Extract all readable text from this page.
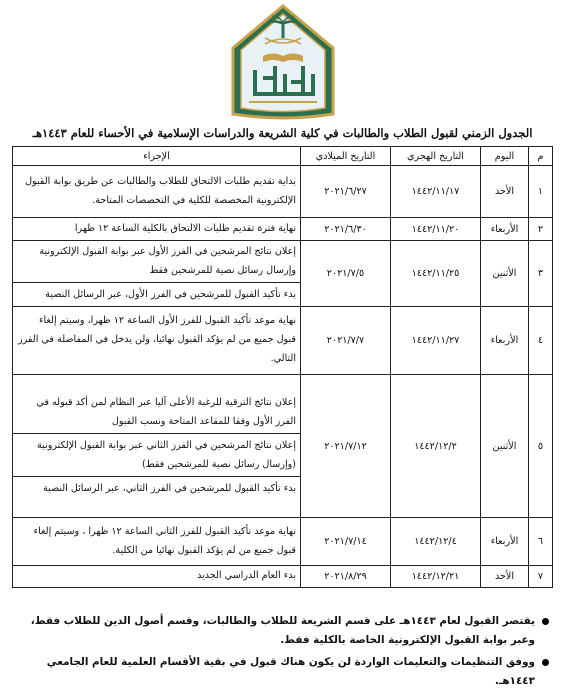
الجدول الزمني لقبول الطلاب والطالبات في كلية الشريعة والدراسات الإسلامية في الأحساء للعام ١٤٤٣هـ
م	اليوم	التاريخ الهجري	التاريخ الميلادي	الإجراء
١	الأحد	١٤٤٢/١١/١٧	٢٠٢١/٦/٢٧	بداية تقديم طلبات الالتحاق للطلاب والطالبات عن طريق بوابة القبول الإلكترونية المخصصة للكلية في التخصصات المتاحة.

٢	الأربعاء	١٤٤٢/١١/٢٠	٢٠٢١/٦/٣٠	نهاية فترة تقديم طلبات الالتحاق بالكلية الساعة ١٢ ظهرا

٣	الأثنين	١٤٤٢/١١/٢٥	٢٠٢١/٧/٥	إعلان نتائج المرشحين في الفرز الأول عبر بوابة القبول الإلكترونية وإرسال رسائل نصية للمرشحين فقط
بدء تأكيد القبول للمرشحين في الفرز الأول، عبر الرسائل النصية

٤	الأربعاء	١٤٤٢/١١/٢٧	٢٠٢١/٧/٧	نهاية موعد تأكيد القبول للفرز الأول الساعة ١٢ ظهرا، وسيتم إلغاء قبول جميع من لم يؤكد القبول نهائيا، ولن يدخل في المفاضلة في الفرز التالي.

٥	الأثنين	١٤٤٢/١٢/٢	٢٠٢١/٧/١٢	إعلان نتائج الترقية للرغبة الأعلى آليا عبر النظام لمن أكد قبوله في الفرز الأول وفقا للمقاعد المتاحة ونسب القبول
إعلان نتائج المرشحين في الفرز الثاني عبر بوابة القبول الإلكترونية (وإرسال رسائل نصية للمرشحين فقط)
بدء تأكيد القبول للمرشحين في الفرز الثاني، عبر الرسائل النصية

٦	الأربعاء	١٤٤٢/١٢/٤	٢٠٢١/٧/١٤	نهاية موعد تأكيد القبول للفرز الثاني الساعة ١٢ ظهرا ، وسيتم إلغاء قبول جميع من لم يؤكد القبول نهائيا من الكلية.

٧	الأحد	١٤٤٢/١٢/٢١	٢٠٢١/٨/٢٩	بدء العام الدراسي الجديد
يقتصر القبول لعام ١٤٤٣هـ على قسم الشريعة للطلاب والطالبات، وقسم أصول الدين للطلاب فقط، وعبر بوابة القبول الإلكترونية الخاصة بالكلية فقط.
ووفق التنظيمات والتعليمات الواردة لن يكون هناك قبول في بقية الأقسام العلمية للعام الجامعي ١٤٤٣هـ.
